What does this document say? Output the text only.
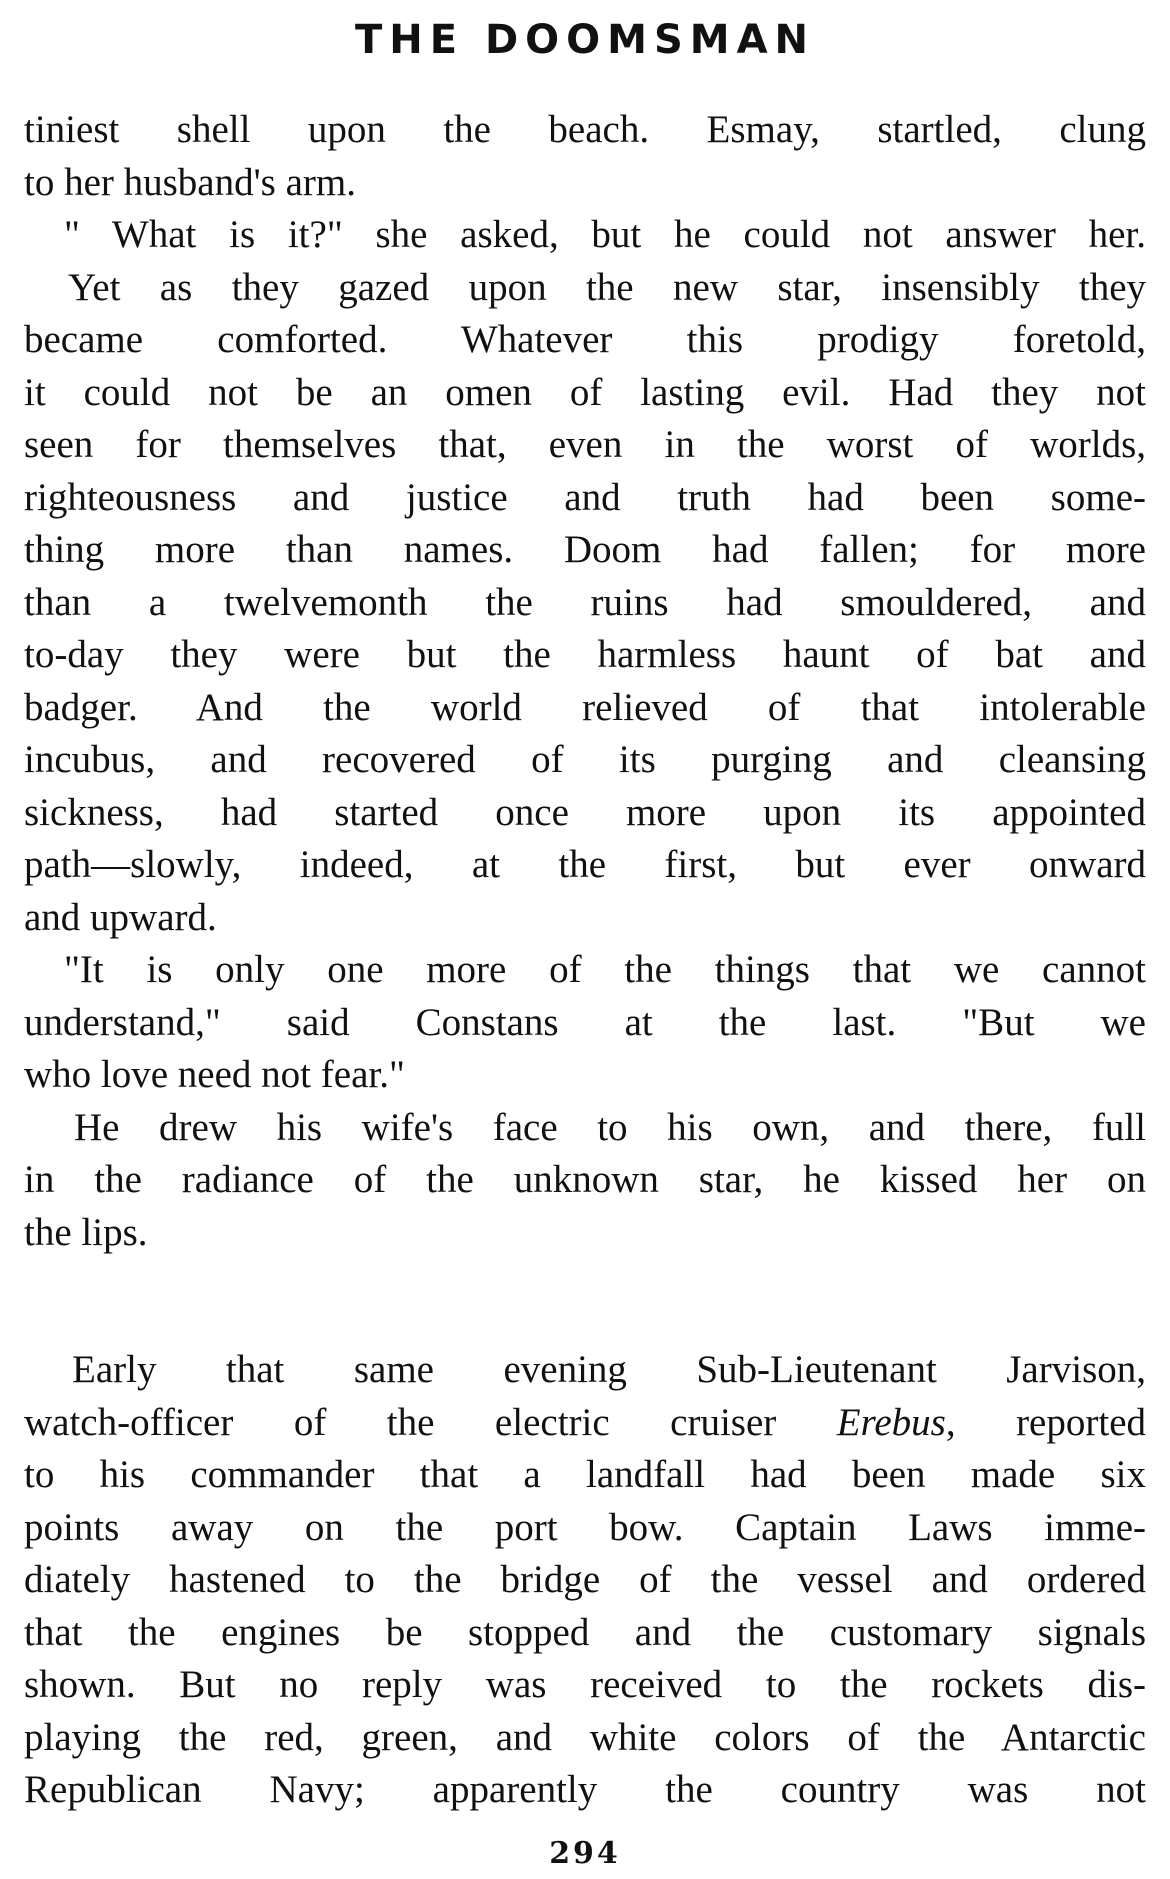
THE DOOMSMAN
tiniest shell upon the beach. Esmay, startled, clung
to her husband's arm.
" What is it?" she asked, but he could not answer her.
Yet as they gazed upon the new star, insensibly they
became comforted. Whatever this prodigy foretold,
it could not be an omen of lasting evil. Had they not
seen for themselves that, even in the worst of worlds,
righteousness and justice and truth had been some-
thing more than names. Doom had fallen; for more
than a twelvemonth the ruins had smouldered, and
to-day they were but the harmless haunt of bat and
badger. And the world relieved of that intolerable
incubus, and recovered of its purging and cleansing
sickness, had started once more upon its appointed
path—slowly, indeed, at the first, but ever onward
and upward.
"It is only one more of the things that we cannot
understand," said Constans at the last. "But we
who love need not fear."
He drew his wife's face to his own, and there, full
in the radiance of the unknown star, he kissed her on
the lips.
Early that same evening Sub-Lieutenant Jarvison,
watch-officer of the electric cruiser Erebus, reported
to his commander that a landfall had been made six
points away on the port bow. Captain Laws imme-
diately hastened to the bridge of the vessel and ordered
that the engines be stopped and the customary signals
shown. But no reply was received to the rockets dis-
playing the red, green, and white colors of the Antarctic
Republican Navy; apparently the country was not
294
